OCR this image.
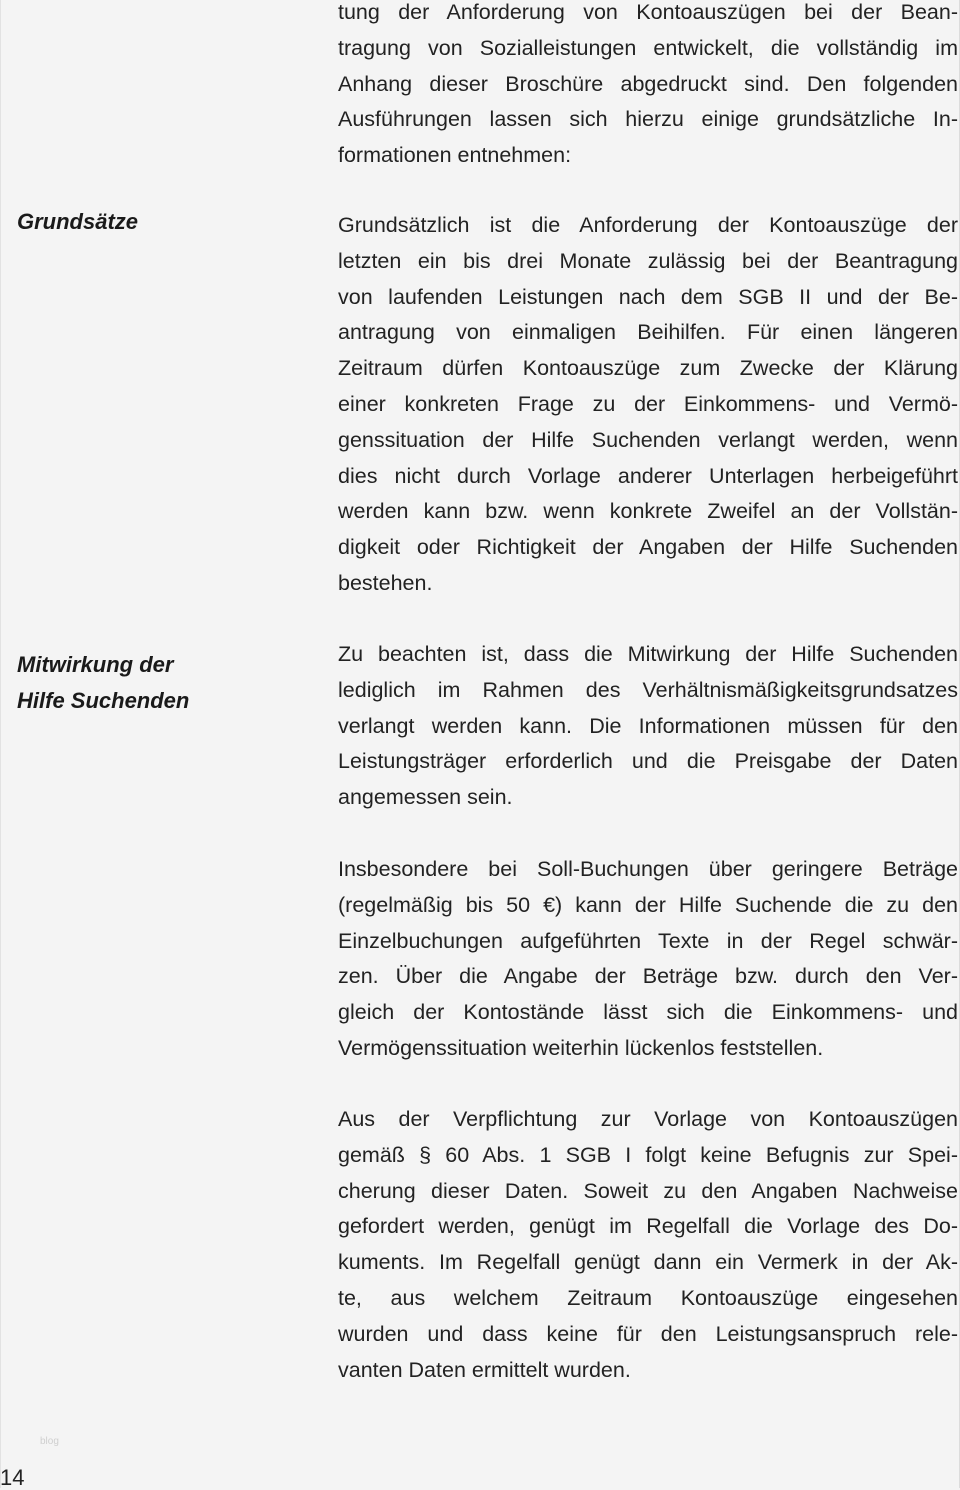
Grundsätze
Mitwirkung der
Hilfe Suchenden
tung der Anforderung von Kontoauszügen bei der Bean-
tragung von Sozialleistungen entwickelt, die vollständig im
Anhang dieser Broschüre abgedruckt sind. Den folgenden
Ausführungen lassen sich hierzu einige grundsätzliche In-
formationen entnehmen:
Grundsätzlich ist die Anforderung der Kontoauszüge der
letzten ein bis drei Monate zulässig bei der Beantragung
von laufenden Leistungen nach dem SGB II und der Be-
antragung von einmaligen Beihilfen. Für einen längeren
Zeitraum dürfen Kontoauszüge zum Zwecke der Klärung
einer konkreten Frage zu der Einkommens- und Vermö-
genssituation der Hilfe Suchenden verlangt werden, wenn
dies nicht durch Vorlage anderer Unterlagen herbeigeführt
werden kann bzw. wenn konkrete Zweifel an der Vollstän-
digkeit oder Richtigkeit der Angaben der Hilfe Suchenden
bestehen.
Zu beachten ist, dass die Mitwirkung der Hilfe Suchenden
lediglich im Rahmen des Verhältnismäßigkeitsgrundsatzes
verlangt werden kann. Die Informationen müssen für den
Leistungsträger erforderlich und die Preisgabe der Daten
angemessen sein.
Insbesondere bei Soll-Buchungen über geringere Beträge
(regelmäßig bis 50 €) kann der Hilfe Suchende die zu den
Einzelbuchungen aufgeführten Texte in der Regel schwär-
zen. Über die Angabe der Beträge bzw. durch den Ver-
gleich der Kontostände lässt sich die Einkommens- und
Vermögenssituation weiterhin lückenlos feststellen.
Aus der Verpflichtung zur Vorlage von Kontoauszügen
gemäß § 60 Abs. 1 SGB I folgt keine Befugnis zur Spei-
cherung dieser Daten. Soweit zu den Angaben Nachweise
gefordert werden, genügt im Regelfall die Vorlage des Do-
kuments. Im Regelfall genügt dann ein Vermerk in der Ak-
te, aus welchem Zeitraum Kontoauszüge eingesehen
wurden und dass keine für den Leistungsanspruch rele-
vanten Daten ermittelt wurden.
blog
14
